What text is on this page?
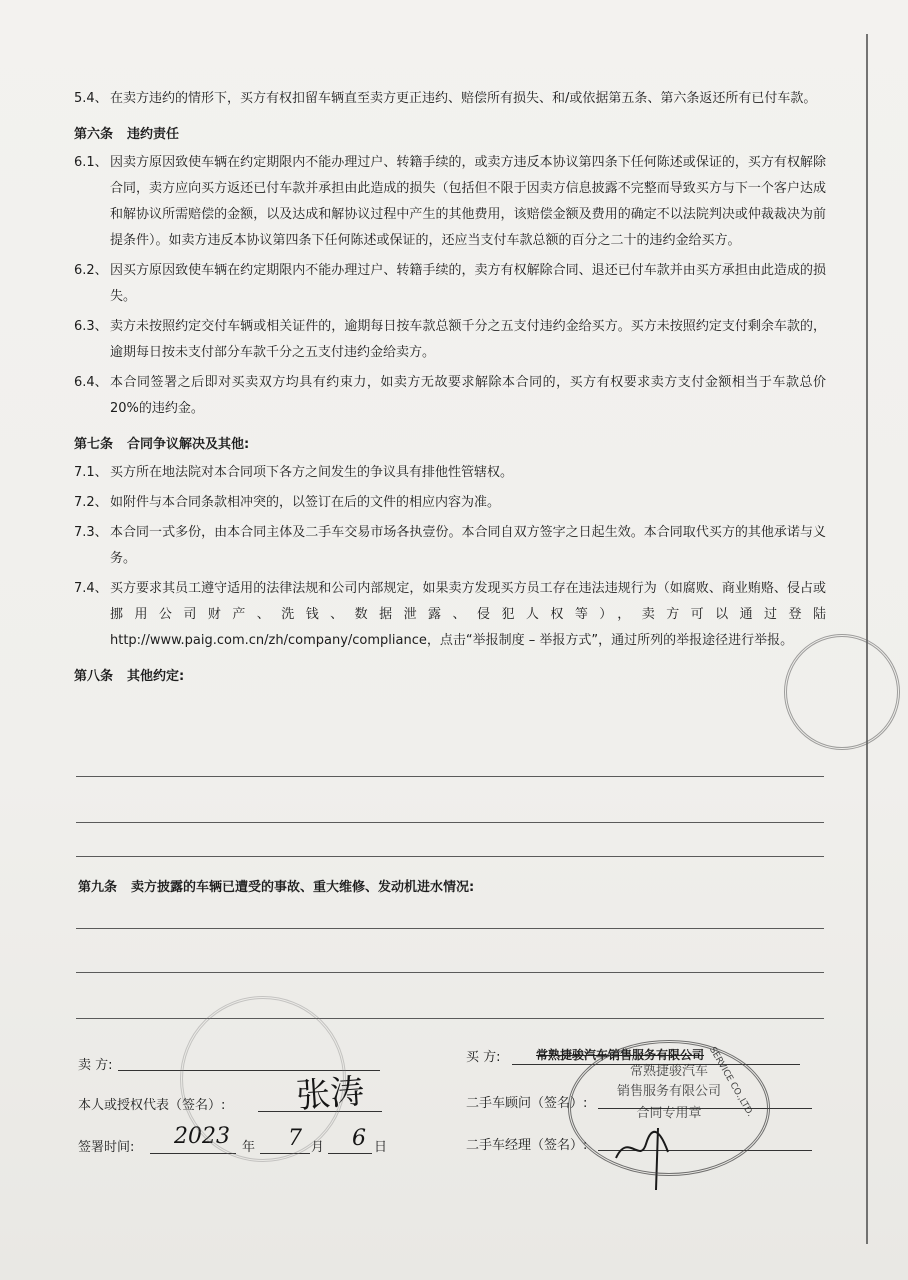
5.4、 在卖方违约的情形下，买方有权扣留车辆直至卖方更正违约、赔偿所有损失、和/或依据第五条、第六条返还所有已付车款。
第六条 违约责任
6.1、 因卖方原因致使车辆在约定期限内不能办理过户、转籍手续的，或卖方违反本协议第四条下任何陈述或保证的，买方有权解除合同，卖方应向买方返还已付车款并承担由此造成的损失（包括但不限于因卖方信息披露不完整而导致买方与下一个客户达成和解协议所需赔偿的金额，以及达成和解协议过程中产生的其他费用，该赔偿金额及费用的确定不以法院判决或仲裁裁决为前提条件）。如卖方违反本协议第四条下任何陈述或保证的，还应当支付车款总额的百分之二十的违约金给买方。
6.2、 因买方原因致使车辆在约定期限内不能办理过户、转籍手续的，卖方有权解除合同、退还已付车款并由买方承担由此造成的损失。
6.3、 卖方未按照约定交付车辆或相关证件的，逾期每日按车款总额千分之五支付违约金给买方。买方未按照约定支付剩余车款的，逾期每日按未支付部分车款千分之五支付违约金给卖方。
6.4、 本合同签署之后即对买卖双方均具有约束力，如卖方无故要求解除本合同的，买方有权要求卖方支付金额相当于车款总价 20%的违约金。
第七条 合同争议解决及其他:
7.1、 买方所在地法院对本合同项下各方之间发生的争议具有排他性管辖权。
7.2、 如附件与本合同条款相冲突的，以签订在后的文件的相应内容为准。
7.3、 本合同一式多份，由本合同主体及二手车交易市场各执壹份。本合同自双方签字之日起生效。本合同取代买方的其他承诺与义务。
7.4、 买方要求其员工遵守适用的法律法规和公司内部规定，如果卖方发现买方员工存在违法违规行为（如腐败、商业贿赂、侵占或挪用公司财产、洗钱、数据泄露、侵犯人权等），卖方可以通过登陆 http://www.paig.com.cn/zh/company/compliance，点击“举报制度 – 举报方式”，通过所列的举报途径进行举报。
第八条 其他约定:
第九条 卖方披露的车辆已遭受的事故、重大维修、发动机进水情况:
卖 方:
本人或授权代表（签名）: 张涛
签署时间: 2023 年 7 月 6 日
买 方:	常熟捷骏汽车销售服务有限公司
二手车顾问（签名）:
二手车经理（签名）:
常熟捷骏汽车
销售服务有限公司
合同专用章 SERVICE CO.,LTD.
